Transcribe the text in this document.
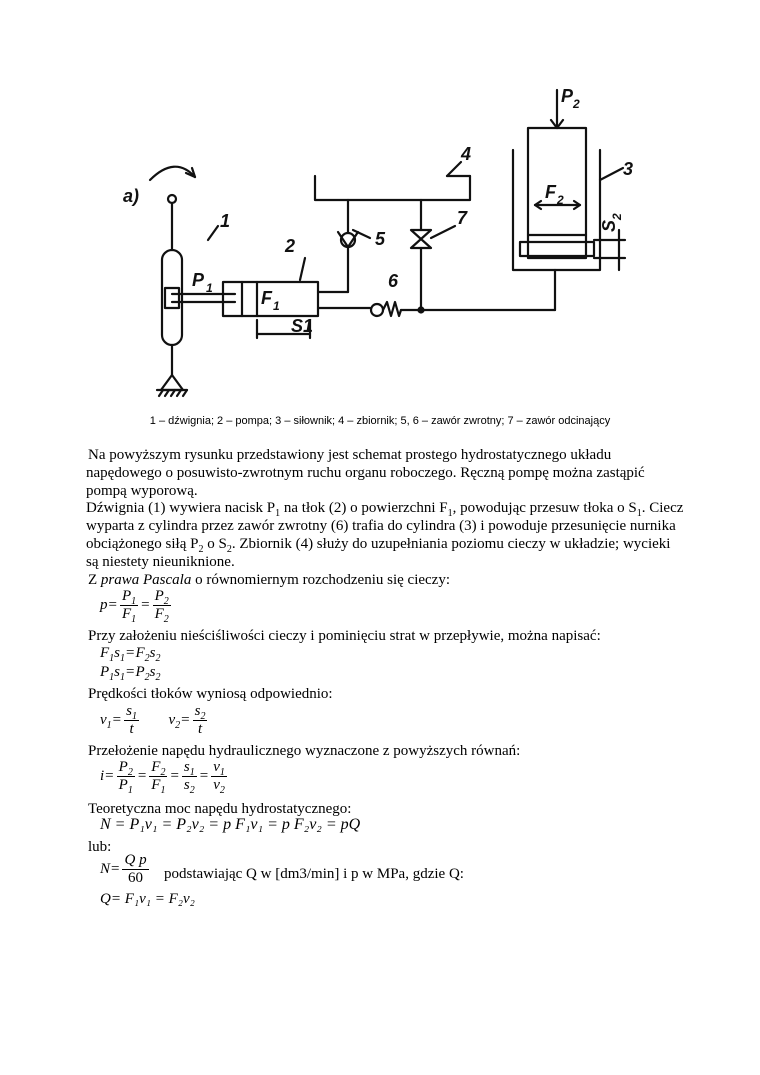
a)
1
2
3
4
5
6
7
P 1
P 2
F 1
F 2
S1
S
2
1 – dźwignia; 2 – pompa; 3 – siłownik; 4 – zbiornik; 5, 6 – zawór zwrotny; 7 – zawór odcinający
Na powyższym rysunku przedstawiony jest schemat prostego hydrostatycznego układu napędowego o posuwisto-zwrotnym ruchu organu roboczego. Ręczną pompę można zastąpić pompą wyporową.
Dźwignia (1) wywiera nacisk $P_1$ na tłok (2) o powierzchni $F_1$, powodując przesuw tłoka o $S_1$. Ciecz wyparta z cylindra przez zawór zwrotny (6) trafia do cylindra (3) i powoduje przesunięcie nurnika obciążonego siłą $P_2$ o $S_2$. Zbiornik (4) służy do uzupełniania poziomu cieczy w układzie; wycieki są niestety nieuniknione.
Z prawa Pascala o równomiernym rozchodzeniu się cieczy:
$p= \frac{P_1}{F_1} = \frac{P_2}{F_2}$
Przy założeniu nieściśliwości cieczy i pominięciu strat w przepływie, można napisać:
$F_1s_1=F_2s_2$
$P_1s_1=P_2s_2$
Prędkości tłoków wyniosą odpowiednio:
$v_1= \frac{s_1}{t} v_2= \frac{s_2}{t}$
Przełożenie napędu hydraulicznego wyznaczone z powyższych równań:
$i= \frac{P_2}{P_1} = \frac{F_2}{F_1} = \frac{s_1}{s_2} = \frac{v_1}{v_2}$
Teoretyczna moc napędu hydrostatycznego:
N = P₁v₁ = P₂v₂ = p F₁v₁ = p F₂v₂ = pQ
lub:
$N= \frac{\text{Q p}}{60}$ podstawiając Q w [dm3/min] i p w MPa, gdzie Q:
Q= F₁v₁ = F₂v₂
